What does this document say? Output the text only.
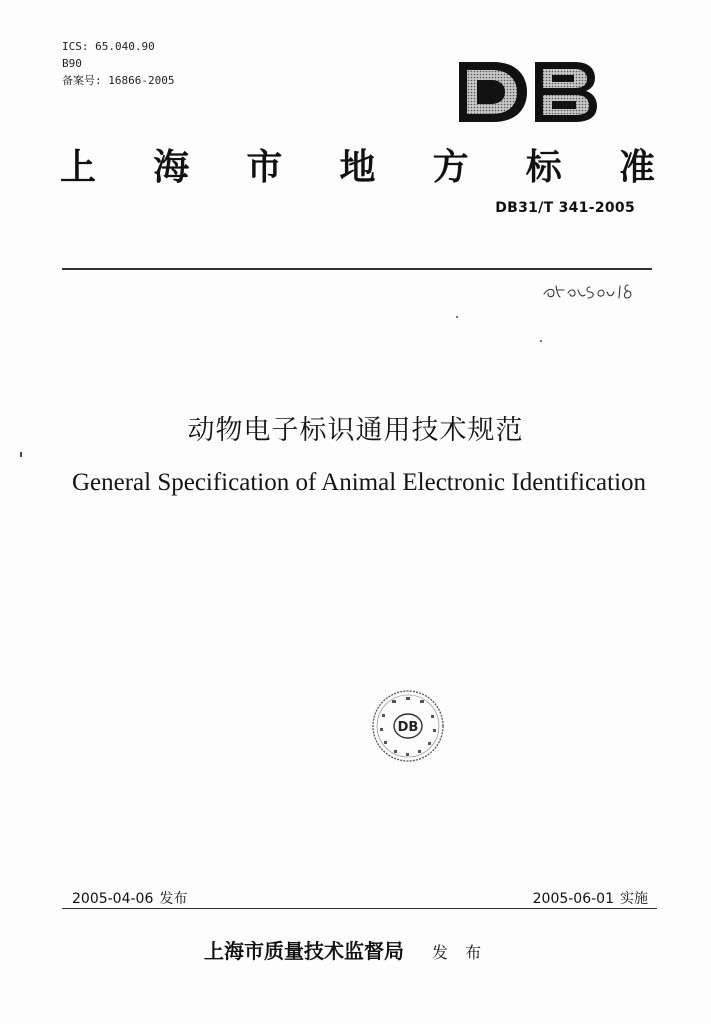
ICS: 65.040.90
B90
备案号: 16866-2005
上 海 市 地 方 标 准
DB31/T 341-2005
动物电子标识通用技术规范
General Specification of Animal Electronic Identification
DB
2005-04-06 发布	2005-06-01 实施
上海市质量技术监督局 发 布
